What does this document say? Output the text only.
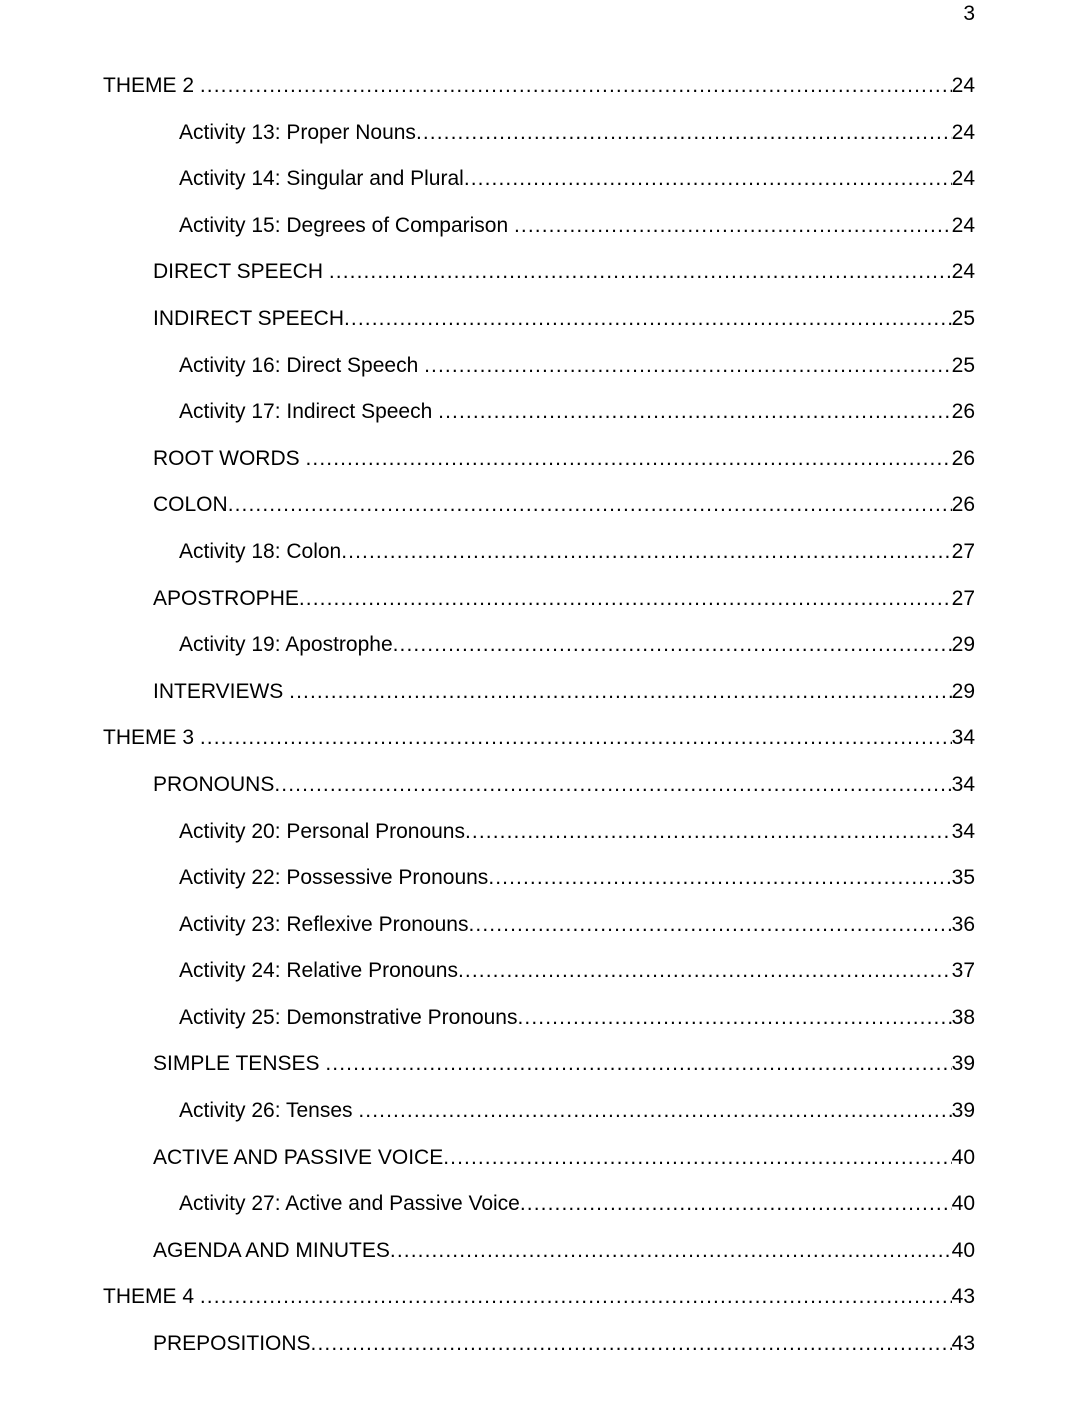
3
THEME 2 .....	24
Activity 13: Proper Nouns .....	24
Activity 14: Singular and Plural .....	24
Activity 15: Degrees of Comparison .....	24
DIRECT SPEECH .....	24
INDIRECT SPEECH .....	25
Activity 16: Direct Speech .....	25
Activity 17: Indirect Speech .....	26
ROOT WORDS .....	26
COLON .....	26
Activity 18: Colon .....	27
APOSTROPHE .....	27
Activity 19: Apostrophe .....	29
INTERVIEWS .....	29
THEME 3 .....	34
PRONOUNS .....	34
Activity 20: Personal Pronouns .....	34
Activity 22: Possessive Pronouns .....	35
Activity 23: Reflexive Pronouns .....	36
Activity 24: Relative Pronouns .....	37
Activity 25: Demonstrative Pronouns .....	38
SIMPLE TENSES .....	39
Activity 26: Tenses .....	39
ACTIVE AND PASSIVE VOICE .....	40
Activity 27: Active and Passive Voice .....	40
AGENDA AND MINUTES .....	40
THEME 4 .....	43
PREPOSITIONS .....	43
